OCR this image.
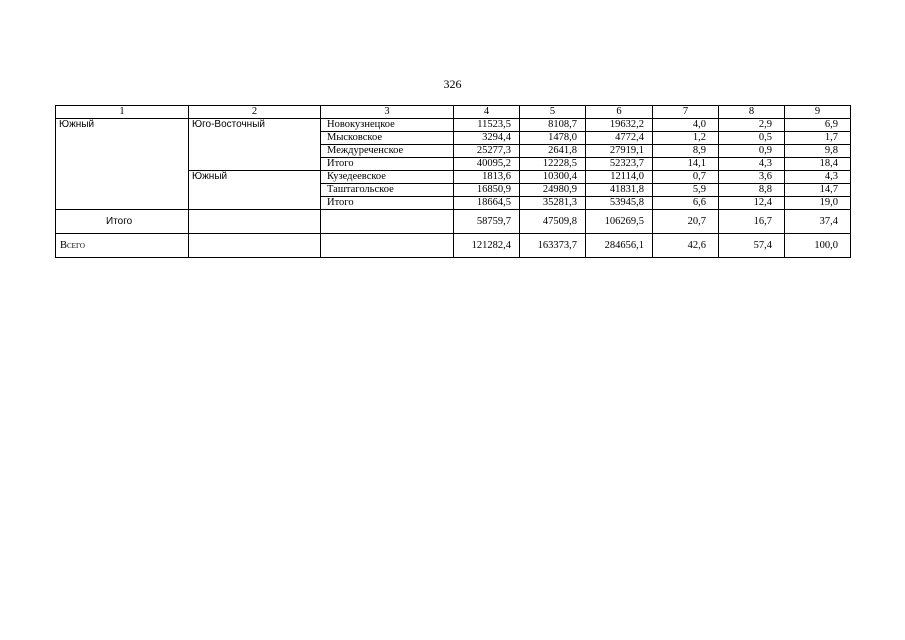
326
1	2	3	4	5	6	7	8	9
Южный	Юго-Восточный	Новокузнецкое	11523,5	8108,7	19632,2	4,0	2,9	6,9
		Мысковское	3294,4	1478,0	4772,4	1,2	0,5	1,7
		Междуреченское	25277,3	2641,8	27919,1	8,9	0,9	9,8
		Итого	40095,2	12228,5	52323,7	14,1	4,3	18,4
	Южный	Кузедеевское	1813,6	10300,4	12114,0	0,7	3,6	4,3
		Таштагольское	16850,9	24980,9	41831,8	5,9	8,8	14,7
		Итого	18664,5	35281,3	53945,8	6,6	12,4	19,0
Итого			58759,7	47509,8	106269,5	20,7	16,7	37,4
Всего			121282,4	163373,7	284656,1	42,6	57,4	100,0
